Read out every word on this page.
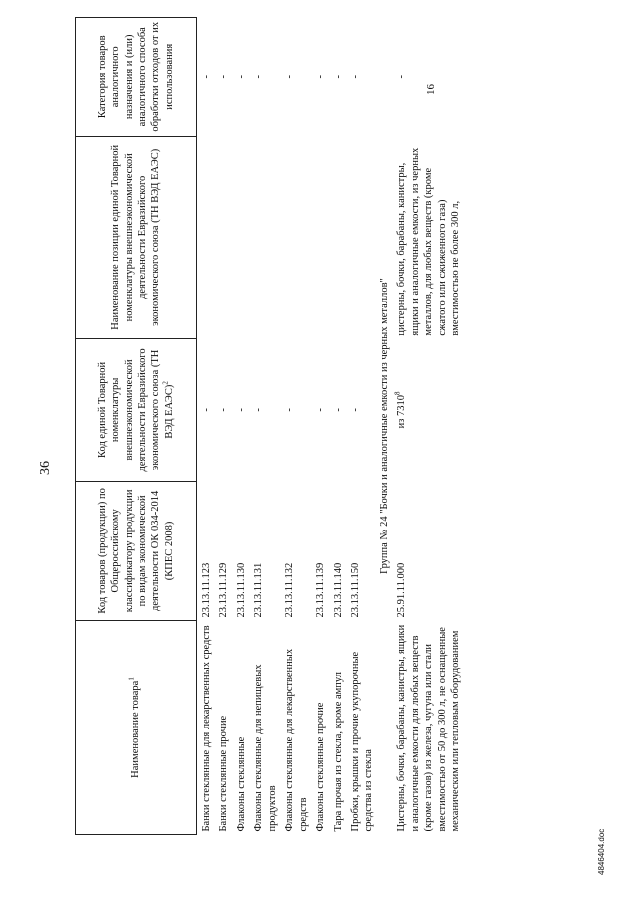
36
Наименование товара$^1$	Код товаров (продукции) по Общероссийскому классификатору продукции по видам экономической деятельности ОК 034-2014 (КПЕС 2008)	Код единой Товарной номенклатуры внешнеэкономической деятельности Евразийского экономического союза (ТН ВЭД ЕАЭС)$^2$	Наименование позиции единой Товарной номенклатуры внешнеэкономической деятельности Евразийского экономического союза (ТН ВЭД ЕАЭС)	Категория товаров аналогичного назначения и (или) аналогичного способа обработки отходов от их использования
Банки стеклянные для лекарственных средств	23.13.11.123	-		-
Банки стеклянные прочие	23.13.11.129	-		-
Флаконы стеклянные	23.13.11.130	-		-
Флаконы стеклянные для непищевых продуктов	23.13.11.131	-		-
Флаконы стеклянные для лекарственных средств	23.13.11.132	-		-
Флаконы стеклянные прочие	23.13.11.139	-		-
Тара прочая из стекла, кроме ампул	23.13.11.140	-		-
Пробки, крышки и прочие укупорочные средства из стекла	23.13.11.150	-		-
Группа № 24 "Бочки и аналогичные емкости из черных металлов"				
Цистерны, бочки, барабаны, канистры, ящики и аналогичные емкости для любых веществ (кроме газов) из железа, чугуна или стали вместимостью от 50 до 300 л, не оснащенные механическим или тепловым оборудованием	25.91.11.000	из 7310$^8$	цистерны, бочки, барабаны, канистры, ящики и аналогичные емкости, из черных металлов, для любых веществ (кроме сжатого или сжиженного газа) вместимостью не более 300 л,	-
16
4846404.doc
